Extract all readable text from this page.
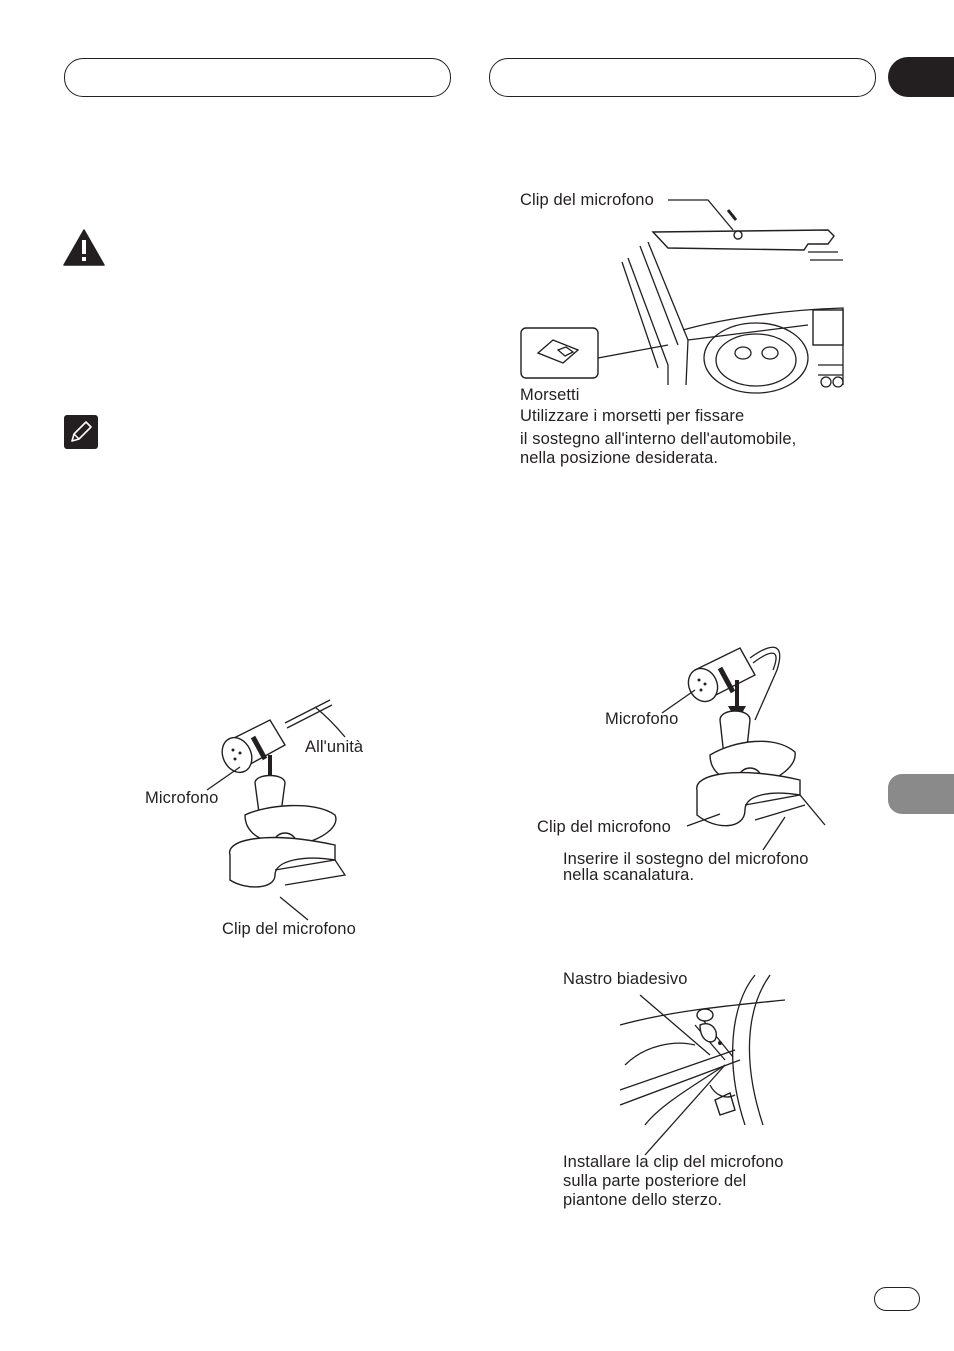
Clip del microfono
Morsetti
Utilizzare i morsetti per fissare
il sostegno all'interno dell'automobile,
nella posizione desiderata.
All'unità
Microfono
Clip del microfono
Microfono
Clip del microfono
Inserire il sostegno del microfono
nella scanalatura.
Nastro biadesivo
Installare la clip del microfono
sulla parte posteriore del
piantone dello sterzo.
